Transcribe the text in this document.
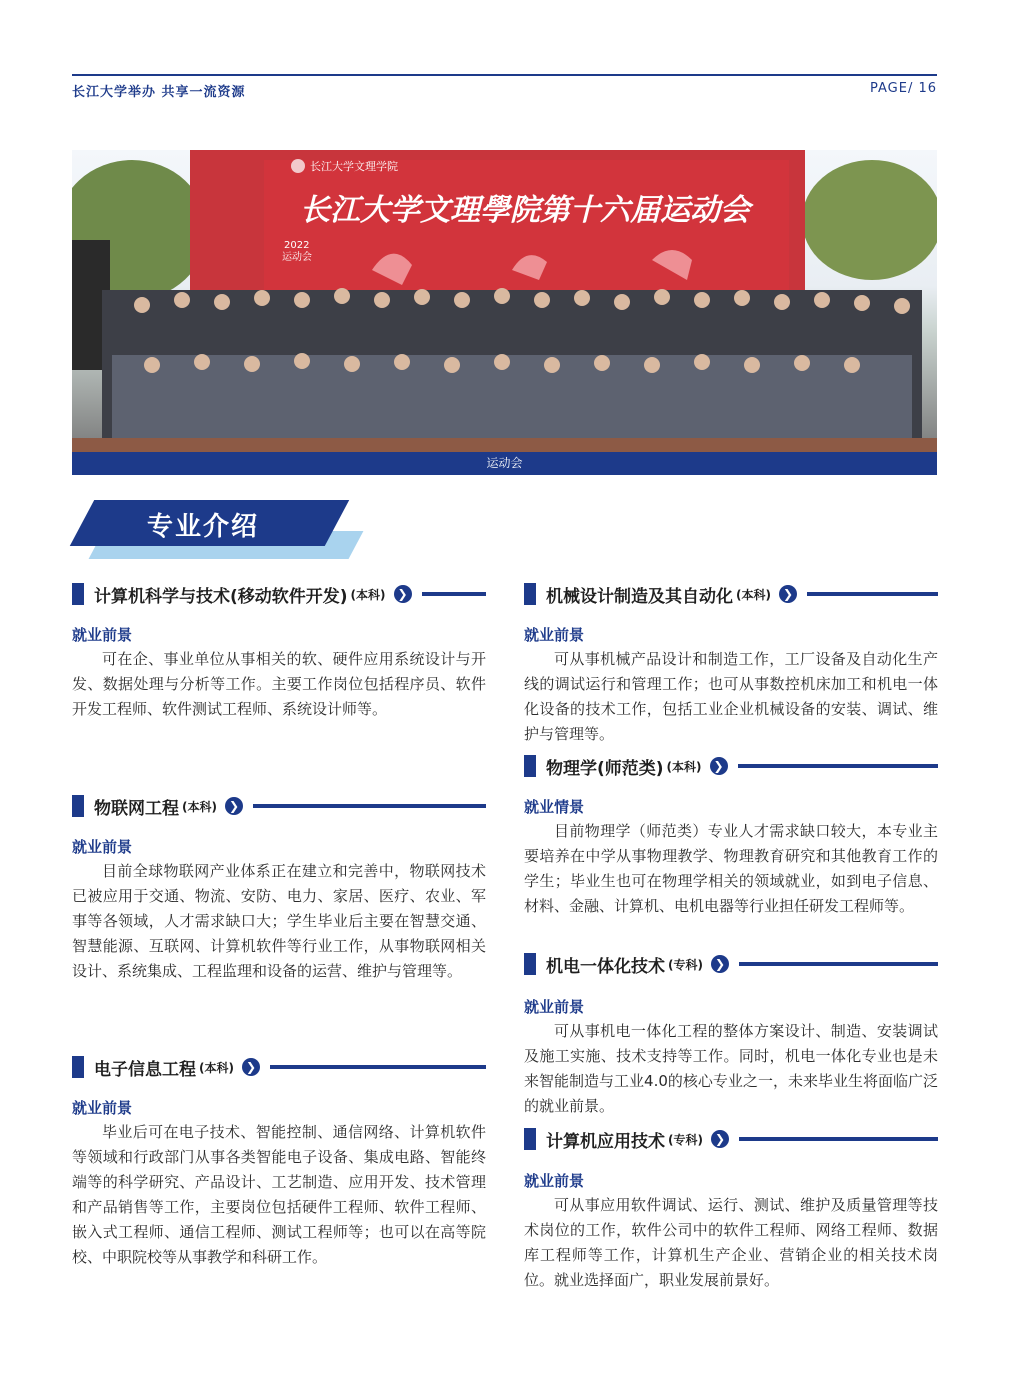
长江大学举办 共享一流资源	PAGE/ 16
长江大学文理学院
长江大学文理學院第十六届运动会
2022
运动会
运动会
专业介绍
计算机科学与技术(移动软件开发) (本科) ❯
就业前景
可在企、事业单位从事相关的软、硬件应用系统设计与开发、数据处理与分析等工作。主要工作岗位包括程序员、软件开发工程师、软件测试工程师、系统设计师等。
物联网工程 (本科) ❯
就业前景
目前全球物联网产业体系正在建立和完善中，物联网技术已被应用于交通、物流、安防、电力、家居、医疗、农业、军事等各领域，人才需求缺口大；学生毕业后主要在智慧交通、智慧能源、互联网、计算机软件等行业工作，从事物联网相关设计、系统集成、工程监理和设备的运营、维护与管理等。
电子信息工程 (本科) ❯
就业前景
毕业后可在电子技术、智能控制、通信网络、计算机软件等领域和行政部门从事各类智能电子设备、集成电路、智能终端等的科学研究、产品设计、工艺制造、应用开发、技术管理和产品销售等工作，主要岗位包括硬件工程师、软件工程师、嵌入式工程师、通信工程师、测试工程师等；也可以在高等院校、中职院校等从事教学和科研工作。
机械设计制造及其自动化 (本科) ❯
就业前景
可从事机械产品设计和制造工作，工厂设备及自动化生产线的调试运行和管理工作；也可从事数控机床加工和机电一体化设备的技术工作，包括工业企业机械设备的安装、调试、维护与管理等。
物理学(师范类) (本科) ❯
就业情景
目前物理学（师范类）专业人才需求缺口较大，本专业主要培养在中学从事物理教学、物理教育研究和其他教育工作的学生；毕业生也可在物理学相关的领域就业，如到电子信息、材料、金融、计算机、电机电器等行业担任研发工程师等。
机电一体化技术 (专科) ❯
就业前景
可从事机电一体化工程的整体方案设计、制造、安装调试及施工实施、技术支持等工作。同时，机电一体化专业也是未来智能制造与工业4.0的核心专业之一，未来毕业生将面临广泛的就业前景。
计算机应用技术 (专科) ❯
就业前景
可从事应用软件调试、运行、测试、维护及质量管理等技术岗位的工作，软件公司中的软件工程师、网络工程师、数据库工程师等工作，计算机生产企业、营销企业的相关技术岗位。就业选择面广，职业发展前景好。
